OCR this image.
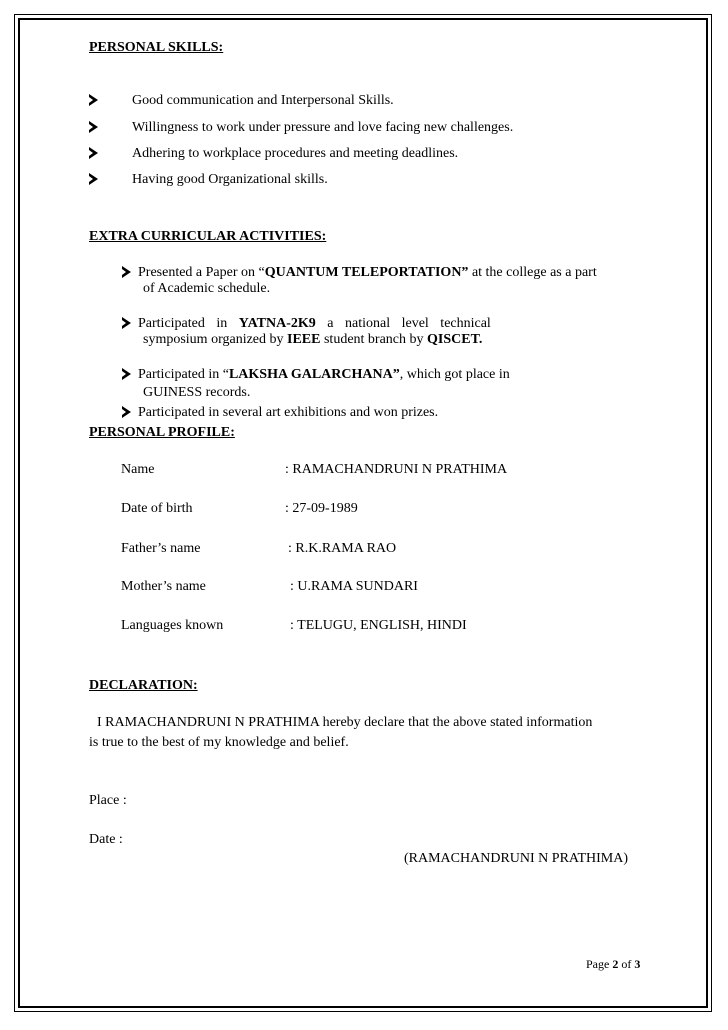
PERSONAL SKILLS:
Good communication and Interpersonal Skills.
Willingness to work under pressure and love facing new challenges.
Adhering to workplace procedures and meeting deadlines.
Having good Organizational skills.
EXTRA CURRICULAR ACTIVITIES:
Presented a Paper on “QUANTUM TELEPORTATION” at the college as a part
of Academic schedule.
Participated in YATNA-2K9 a national level technical
symposium organized by IEEE student branch by QISCET.
Participated in “LAKSHA GALARCHANA”, which got place in
GUINESS records.
Participated in several art exhibitions and won prizes.
PERSONAL PROFILE:
Name	: RAMACHANDRUNI N PRATHIMA
Date of birth	: 27-09-1989
Father’s name	: R.K.RAMA RAO
Mother’s name	: U.RAMA SUNDARI
Languages known	: TELUGU, ENGLISH, HINDI
DECLARATION:
I RAMACHANDRUNI N PRATHIMA hereby declare that the above stated information
is true to the best of my knowledge and belief.
Place :
Date :
(RAMACHANDRUNI N PRATHIMA)
Page 2 of 3
